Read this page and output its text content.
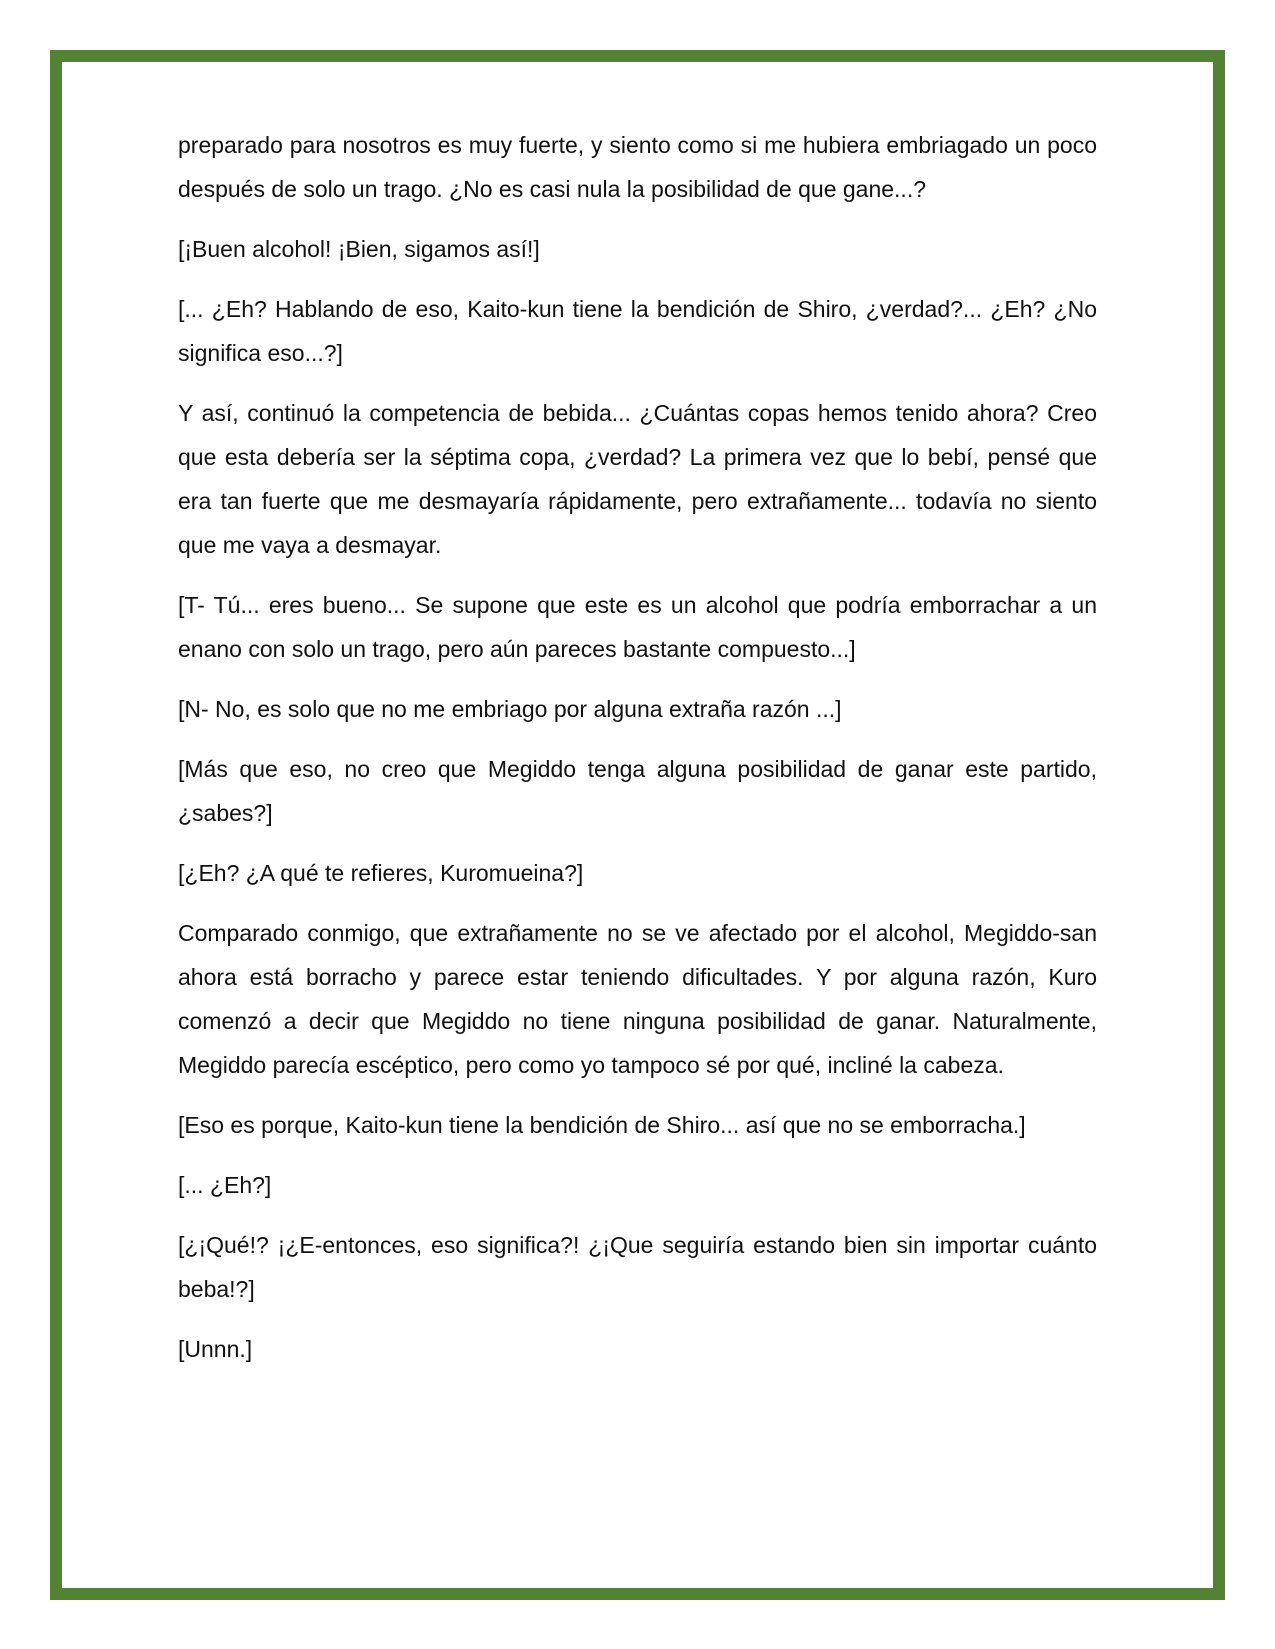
preparado para nosotros es muy fuerte, y siento como si me hubiera embriagado un poco después de solo un trago. ¿No es casi nula la posibilidad de que gane...?

[¡Buen alcohol! ¡Bien, sigamos así!]

[... ¿Eh? Hablando de eso, Kaito-kun tiene la bendición de Shiro, ¿verdad?... ¿Eh? ¿No significa eso...?]

Y así, continuó la competencia de bebida... ¿Cuántas copas hemos tenido ahora? Creo que esta debería ser la séptima copa, ¿verdad? La primera vez que lo bebí, pensé que era tan fuerte que me desmayaría rápidamente, pero extrañamente... todavía no siento que me vaya a desmayar.

[T- Tú... eres bueno... Se supone que este es un alcohol que podría emborrachar a un enano con solo un trago, pero aún pareces bastante compuesto...]

[N- No, es solo que no me embriago por alguna extraña razón ...]

[Más que eso, no creo que Megiddo tenga alguna posibilidad de ganar este partido, ¿sabes?]

[¿Eh? ¿A qué te refieres, Kuromueina?]

Comparado conmigo, que extrañamente no se ve afectado por el alcohol, Megiddo-san ahora está borracho y parece estar teniendo dificultades. Y por alguna razón, Kuro comenzó a decir que Megiddo no tiene ninguna posibilidad de ganar. Naturalmente, Megiddo parecía escéptico, pero como yo tampoco sé por qué, incliné la cabeza.

[Eso es porque, Kaito-kun tiene la bendición de Shiro... así que no se emborracha.]

[... ¿Eh?]

[¿¡Qué!? ¡¿E-entonces, eso significa?! ¿¡Que seguiría estando bien sin importar cuánto beba!?]

[Unnn.]
